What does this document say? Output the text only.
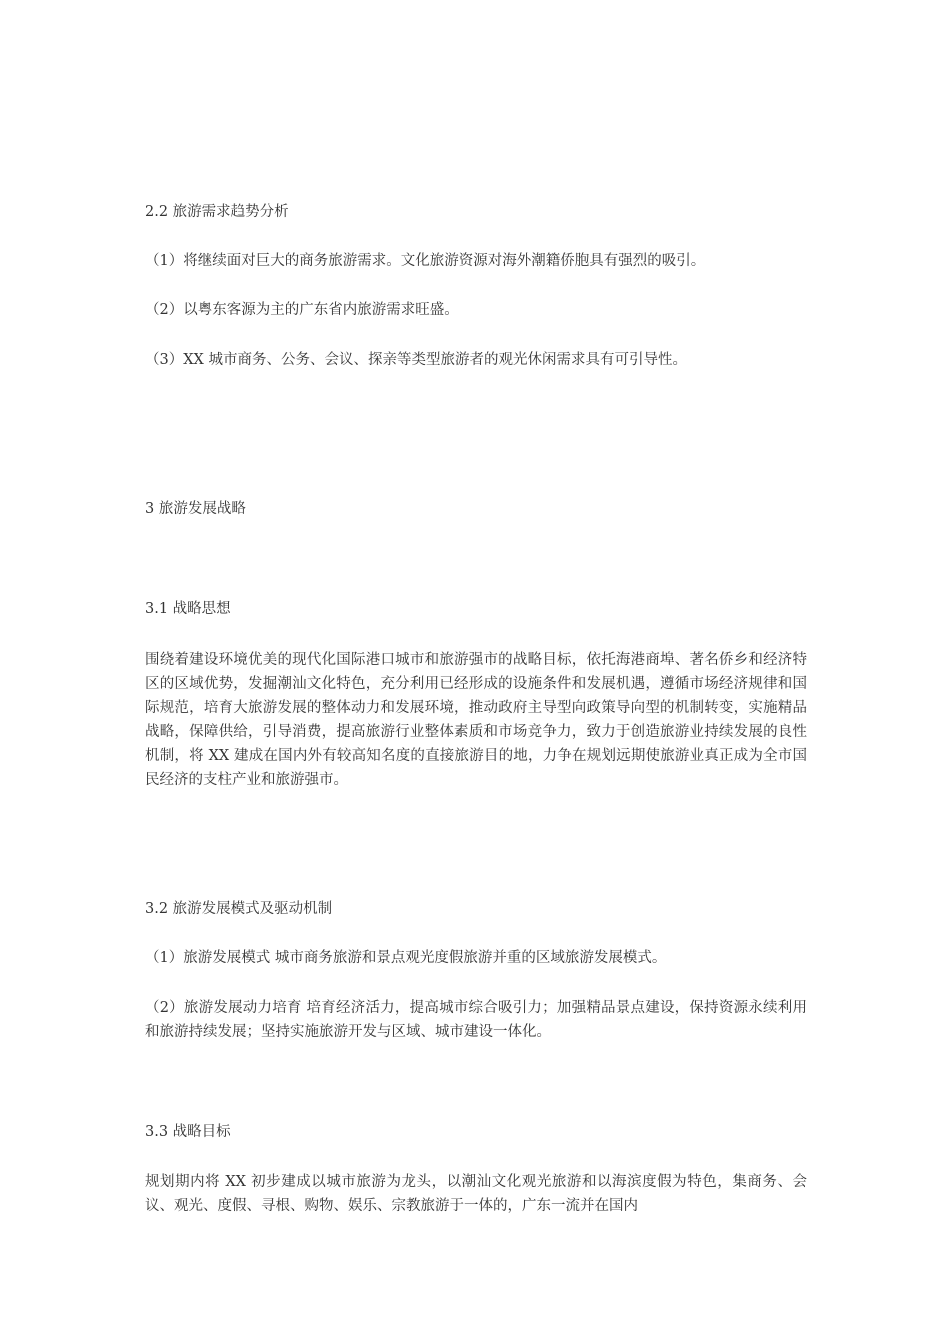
2.2 旅游需求趋势分析

（1）将继续面对巨大的商务旅游需求。文化旅游资源对海外潮籍侨胞具有强烈的吸引。

（2）以粤东客源为主的广东省内旅游需求旺盛。

（3）XX 城市商务、公务、会议、探亲等类型旅游者的观光休闲需求具有可引导性。

3 旅游发展战略

3.1 战略思想

围绕着建设环境优美的现代化国际港口城市和旅游强市的战略目标，依托海港商埠、著名侨乡和经济特区的区域优势，发掘潮汕文化特色，充分利用已经形成的设施条件和发展机遇，遵循市场经济规律和国际规范，培育大旅游发展的整体动力和发展环境，推动政府主导型向政策导向型的机制转变，实施精品战略，保障供给，引导消费，提高旅游行业整体素质和市场竞争力，致力于创造旅游业持续发展的良性机制，将 XX 建成在国内外有较高知名度的直接旅游目的地，力争在规划远期使旅游业真正成为全市国民经济的支柱产业和旅游强市。

3.2 旅游发展模式及驱动机制

（1）旅游发展模式 城市商务旅游和景点观光度假旅游并重的区域旅游发展模式。

（2）旅游发展动力培育 培育经济活力，提高城市综合吸引力；加强精品景点建设，保持资源永续利用和旅游持续发展；坚持实施旅游开发与区域、城市建设一体化。

3.3 战略目标

规划期内将 XX 初步建成以城市旅游为龙头，以潮汕文化观光旅游和以海滨度假为特色，集商务、会议、观光、度假、寻根、购物、娱乐、宗教旅游于一体的，广东一流并在国内
